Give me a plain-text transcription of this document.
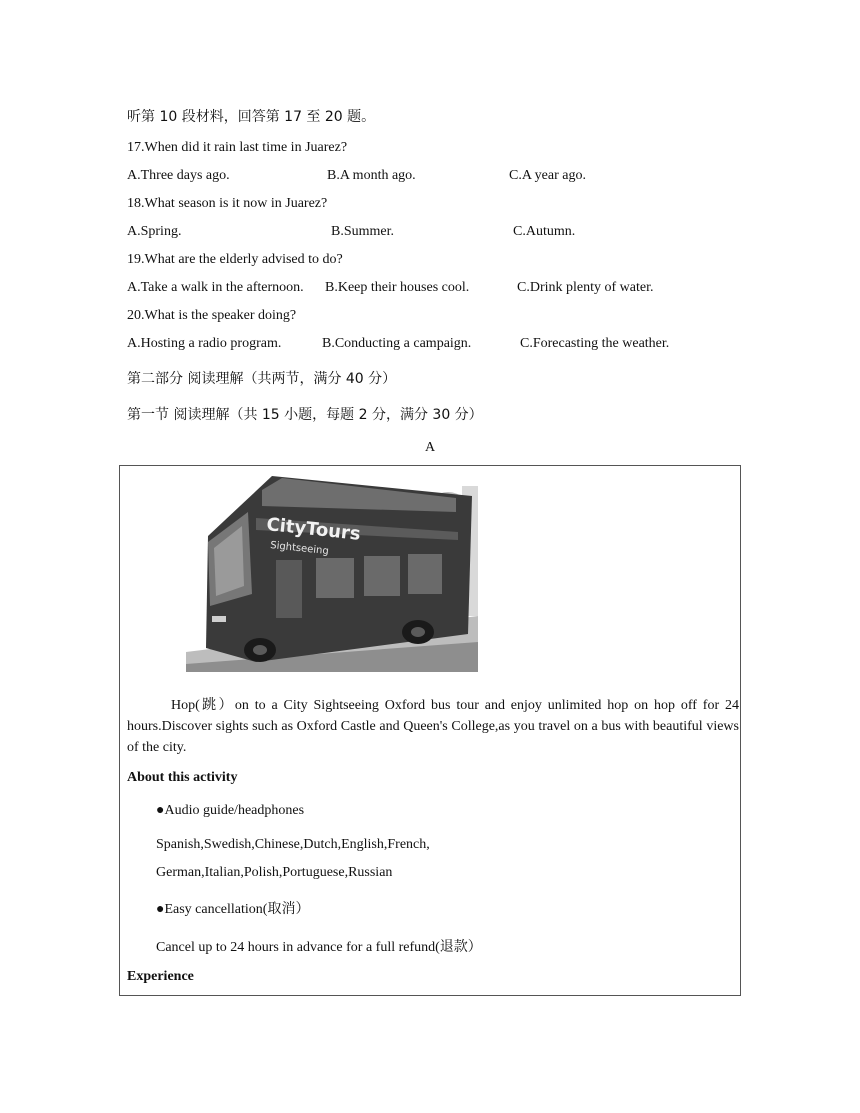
听第 10 段材料，回答第 17 至 20 题。
17.When did it rain last time in Juarez?
A.Three days ago.	B.A month ago.	C.A year ago.
18.What season is it now in Juarez?
A.Spring.	B.Summer.	C.Autumn.
19.What are the elderly advised to do?
A.Take a walk in the afternoon. B.Keep their houses cool.	C.Drink plenty of water.
20.What is the speaker doing?
A.Hosting a radio program.	B.Conducting a campaign.	C.Forecasting the weather.
第二部分 阅读理解（共两节，满分 40 分）
第一节 阅读理解（共 15 小题，每题 2 分，满分 30 分）
A
CityTours
Sightseeing
Hop(跳）on to a City Sightseeing Oxford bus tour and enjoy unlimited hop on hop off for 24 hours.Discover sights such as Oxford Castle and Queen's College,as you travel on a bus with beautiful views of the city.
About this activity
●Audio guide/headphones
Spanish,Swedish,Chinese,Dutch,English,French,
German,Italian,Polish,Portuguese,Russian
●Easy cancellation(取消）
Cancel up to 24 hours in advance for a full refund(退款）
Experience
